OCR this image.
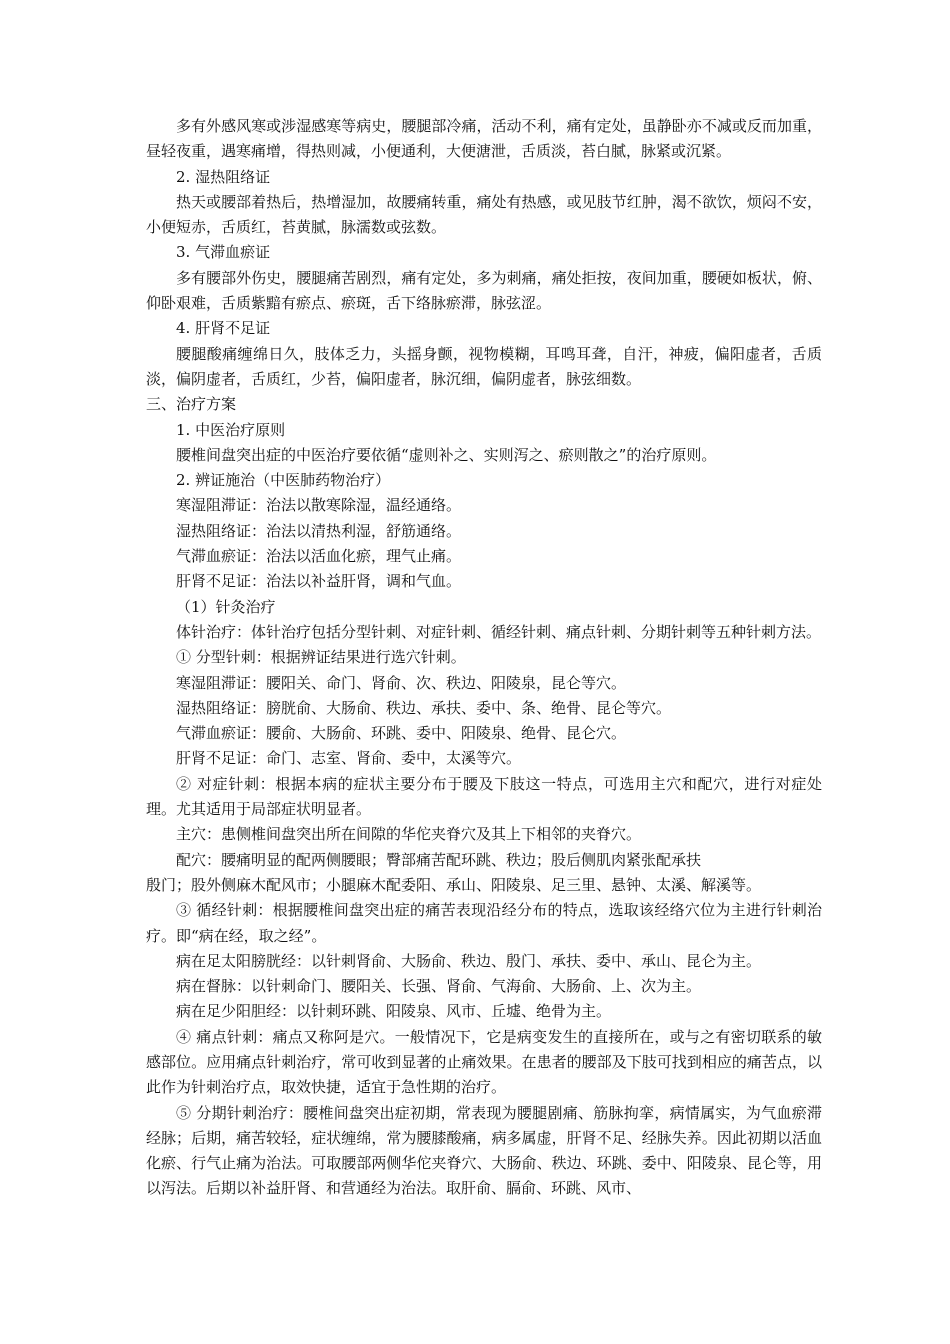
多有外感风寒或涉湿感寒等病史，腰腿部冷痛，活动不利，痛有定处，虽静卧亦不减或反而加重，昼轻夜重，遇寒痛增，得热则减，小便通利，大便溏泄，舌质淡，苔白腻，脉紧或沉紧。

2. 湿热阻络证

热天或腰部着热后，热增湿加，故腰痛转重，痛处有热感，或见肢节红肿，渴不欲饮，烦闷不安，小便短赤，舌质红，苔黄腻，脉濡数或弦数。

3. 气滞血瘀证

多有腰部外伤史，腰腿痛苦剧烈，痛有定处，多为刺痛，痛处拒按，夜间加重，腰硬如板状，俯、仰卧艰难，舌质紫黯有瘀点、瘀斑，舌下络脉瘀滞，脉弦涩。

4. 肝肾不足证

腰腿酸痛缠绵日久，肢体乏力，头摇身颤，视物模糊，耳鸣耳聋，自汗，神疲，偏阳虚者，舌质淡，偏阴虚者，舌质红，少苔，偏阳虚者，脉沉细，偏阴虚者，脉弦细数。

三、治疗方案

1. 中医治疗原则

腰椎间盘突出症的中医治疗要依循“虚则补之、实则泻之、瘀则散之”的治疗原则。

2. 辨证施治（中医肺药物治疗）

寒湿阻滞证：治法以散寒除湿，温经通络。

湿热阻络证：治法以清热利湿，舒筋通络。

气滞血瘀证：治法以活血化瘀，理气止痛。

肝肾不足证：治法以补益肝肾，调和气血。

（1）针灸治疗

体针治疗：体针治疗包括分型针刺、对症针刺、循经针刺、痛点针刺、分期针刺等五种针刺方法。

① 分型针刺：根据辨证结果进行选穴针刺。

寒湿阻滞证：腰阳关、命门、肾俞、次、秩边、阳陵泉，昆仑等穴。

湿热阻络证：膀胱俞、大肠俞、秩边、承扶、委中、条、绝骨、昆仑等穴。

气滞血瘀证：腰俞、大肠俞、环跳、委中、阳陵泉、绝骨、昆仑穴。

肝肾不足证：命门、志室、肾俞、委中，太溪等穴。

② 对症针刺：根据本病的症状主要分布于腰及下肢这一特点，可选用主穴和配穴，进行对症处理。尤其适用于局部症状明显者。

主穴：患侧椎间盘突出所在间隙的华佗夹脊穴及其上下相邻的夹脊穴。

配穴：腰痛明显的配两侧腰眼；臀部痛苦配环跳、秩边；股后侧肌肉紧张配承扶

殷门；股外侧麻木配风市；小腿麻木配委阳、承山、阳陵泉、足三里、悬钟、太溪、解溪等。

③ 循经针刺：根据腰椎间盘突出症的痛苦表现沿经分布的特点，选取该经络穴位为主进行针刺治疗。即“病在经，取之经”。

病在足太阳膀胱经：以针刺肾俞、大肠俞、秩边、殷门、承扶、委中、承山、昆仑为主。

病在督脉：以针刺命门、腰阳关、长强、肾俞、气海俞、大肠俞、上、次为主。

病在足少阳胆经：以针刺环跳、阳陵泉、风市、丘墟、绝骨为主。

④ 痛点针刺：痛点又称阿是穴。一般情况下，它是病变发生的直接所在，或与之有密切联系的敏感部位。应用痛点针刺治疗，常可收到显著的止痛效果。在患者的腰部及下肢可找到相应的痛苦点，以此作为针刺治疗点，取效快捷，适宜于急性期的治疗。

⑤ 分期针刺治疗：腰椎间盘突出症初期，常表现为腰腿剧痛、筋脉拘挛，病情属实，为气血瘀滞经脉；后期，痛苦较轻，症状缠绵，常为腰膝酸痛，病多属虚，肝肾不足、经脉失养。因此初期以活血化瘀、行气止痛为治法。可取腰部两侧华佗夹脊穴、大肠俞、秩边、环跳、委中、阳陵泉、昆仑等，用以泻法。后期以补益肝肾、和营通经为治法。取肝俞、膈俞、环跳、风市、
